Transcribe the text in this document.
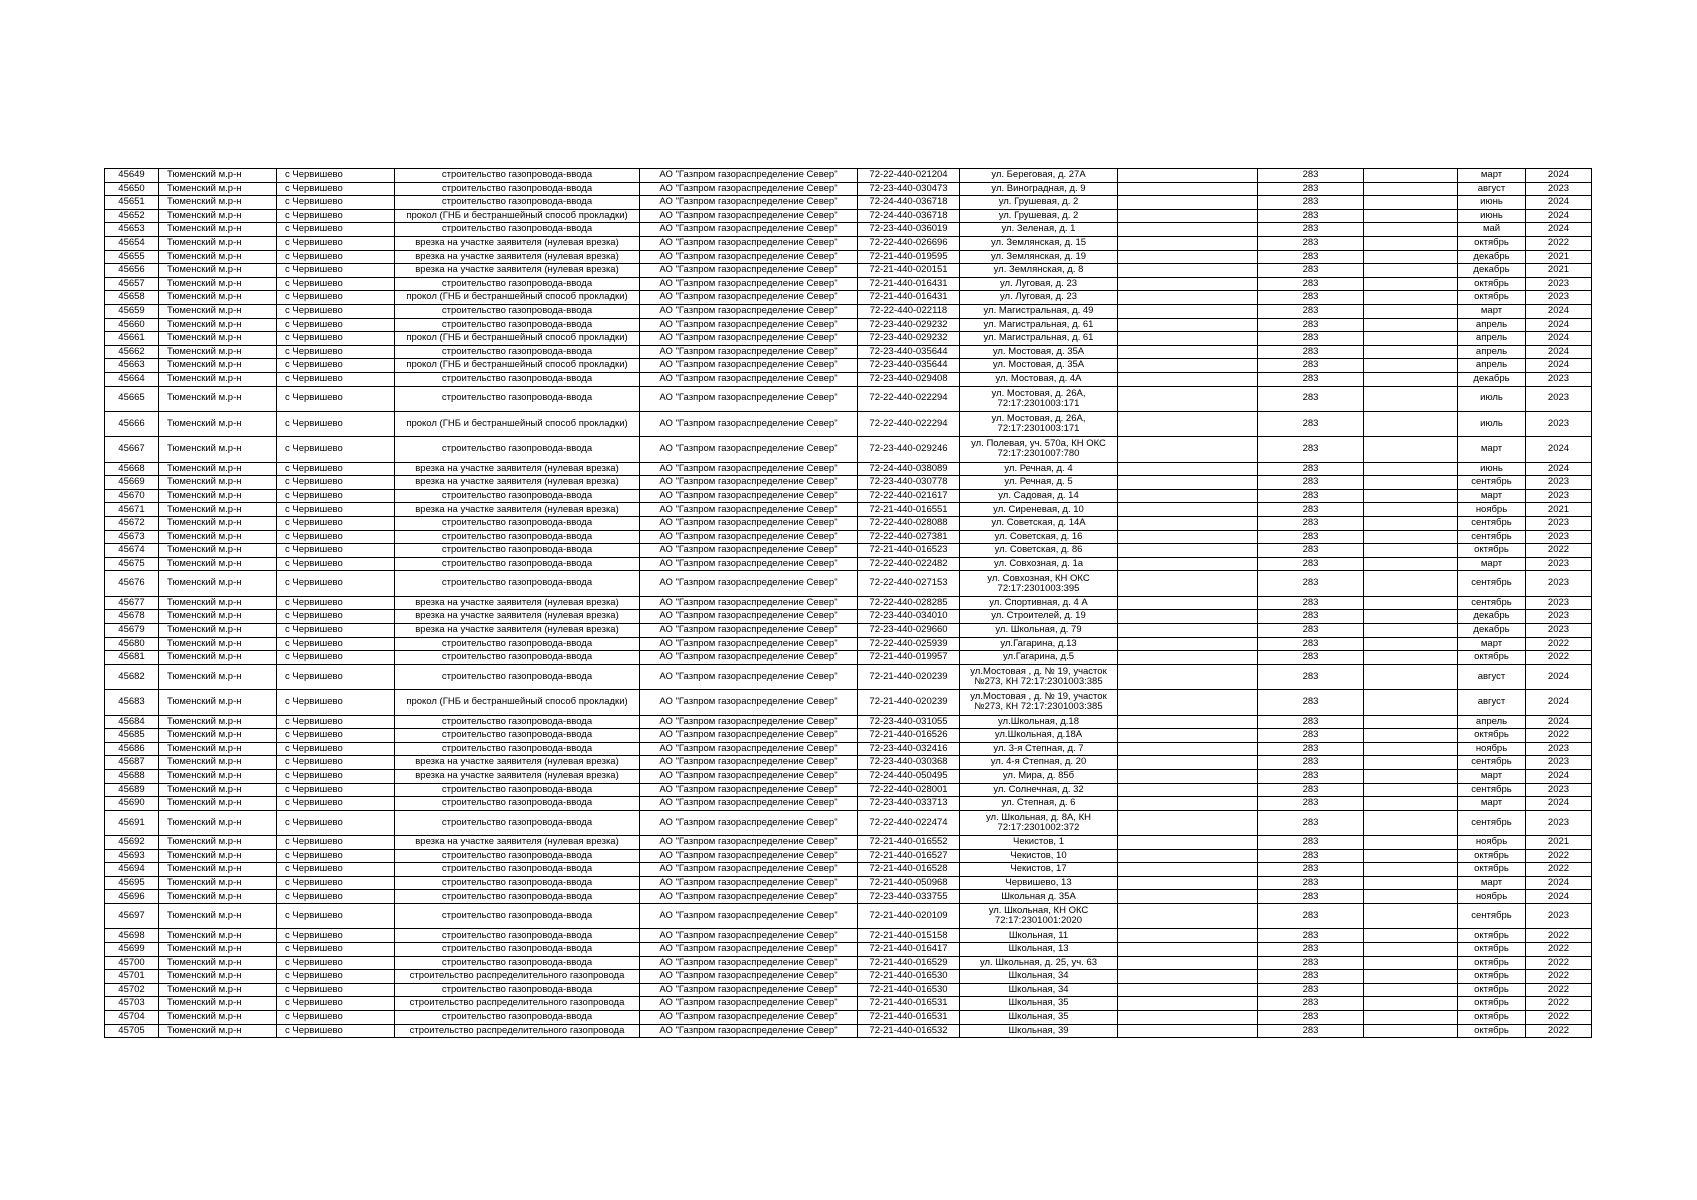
45649	Тюменский м.р-н	с Червишево	строительство газопровода-ввода	АО "Газпром газораспределение Север"	72-22-440-021204	ул. Береговая, д. 27А		283		март	2024
45650	Тюменский м.р-н	с Червишево	строительство газопровода-ввода	АО "Газпром газораспределение Север"	72-23-440-030473	ул. Виноградная, д. 9		283		август	2023
45651	Тюменский м.р-н	с Червишево	строительство газопровода-ввода	АО "Газпром газораспределение Север"	72-24-440-036718	ул. Грушевая, д. 2		283		июнь	2024
45652	Тюменский м.р-н	с Червишево	прокол (ГНБ и бестраншейный способ прокладки)	АО "Газпром газораспределение Север"	72-24-440-036718	ул. Грушевая, д. 2		283		июнь	2024
45653	Тюменский м.р-н	с Червишево	строительство газопровода-ввода	АО "Газпром газораспределение Север"	72-23-440-036019	ул. Зеленая, д. 1		283		май	2024
45654	Тюменский м.р-н	с Червишево	врезка на участке заявителя (нулевая врезка)	АО "Газпром газораспределение Север"	72-22-440-026696	ул. Землянская, д. 15		283		октябрь	2022
45655	Тюменский м.р-н	с Червишево	врезка на участке заявителя (нулевая врезка)	АО "Газпром газораспределение Север"	72-21-440-019595	ул. Землянская, д. 19		283		декабрь	2021
45656	Тюменский м.р-н	с Червишево	врезка на участке заявителя (нулевая врезка)	АО "Газпром газораспределение Север"	72-21-440-020151	ул. Землянская, д. 8		283		декабрь	2021
45657	Тюменский м.р-н	с Червишево	строительство газопровода-ввода	АО "Газпром газораспределение Север"	72-21-440-016431	ул. Луговая, д. 23		283		октябрь	2023
45658	Тюменский м.р-н	с Червишево	прокол (ГНБ и бестраншейный способ прокладки)	АО "Газпром газораспределение Север"	72-21-440-016431	ул. Луговая, д. 23		283		октябрь	2023
45659	Тюменский м.р-н	с Червишево	строительство газопровода-ввода	АО "Газпром газораспределение Север"	72-22-440-022118	ул. Магистральная, д. 49		283		март	2024
45660	Тюменский м.р-н	с Червишево	строительство газопровода-ввода	АО "Газпром газораспределение Север"	72-23-440-029232	ул. Магистральная, д. 61		283		апрель	2024
45661	Тюменский м.р-н	с Червишево	прокол (ГНБ и бестраншейный способ прокладки)	АО "Газпром газораспределение Север"	72-23-440-029232	ул. Магистральная, д. 61		283		апрель	2024
45662	Тюменский м.р-н	с Червишево	строительство газопровода-ввода	АО "Газпром газораспределение Север"	72-23-440-035644	ул. Мостовая, д. 35А		283		апрель	2024
45663	Тюменский м.р-н	с Червишево	прокол (ГНБ и бестраншейный способ прокладки)	АО "Газпром газораспределение Север"	72-23-440-035644	ул. Мостовая, д. 35А		283		апрель	2024
45664	Тюменский м.р-н	с Червишево	строительство газопровода-ввода	АО "Газпром газораспределение Север"	72-23-440-029408	ул. Мостовая, д. 4А		283		декабрь	2023
45665	Тюменский м.р-н	с Червишево	строительство газопровода-ввода	АО "Газпром газораспределение Север"	72-22-440-022294	ул. Мостовая, д. 26А, 72:17:2301003:171		283		июль	2023
45666	Тюменский м.р-н	с Червишево	прокол (ГНБ и бестраншейный способ прокладки)	АО "Газпром газораспределение Север"	72-22-440-022294	ул. Мостовая, д. 26А, 72:17:2301003:171		283		июль	2023
45667	Тюменский м.р-н	с Червишево	строительство газопровода-ввода	АО "Газпром газораспределение Север"	72-23-440-029246	ул. Полевая, уч. 570а, КН ОКС 72:17:2301007:780		283		март	2024
45668	Тюменский м.р-н	с Червишево	врезка на участке заявителя (нулевая врезка)	АО "Газпром газораспределение Север"	72-24-440-038089	ул. Речная, д. 4		283		июнь	2024
45669	Тюменский м.р-н	с Червишево	врезка на участке заявителя (нулевая врезка)	АО "Газпром газораспределение Север"	72-23-440-030778	ул. Речная, д. 5		283		сентябрь	2023
45670	Тюменский м.р-н	с Червишево	строительство газопровода-ввода	АО "Газпром газораспределение Север"	72-22-440-021617	ул. Садовая, д. 14		283		март	2023
45671	Тюменский м.р-н	с Червишево	врезка на участке заявителя (нулевая врезка)	АО "Газпром газораспределение Север"	72-21-440-016551	ул. Сиреневая, д. 10		283		ноябрь	2021
45672	Тюменский м.р-н	с Червишево	строительство газопровода-ввода	АО "Газпром газораспределение Север"	72-22-440-028088	ул. Советская, д. 14А		283		сентябрь	2023
45673	Тюменский м.р-н	с Червишево	строительство газопровода-ввода	АО "Газпром газораспределение Север"	72-22-440-027381	ул. Советская, д. 16		283		сентябрь	2023
45674	Тюменский м.р-н	с Червишево	строительство газопровода-ввода	АО "Газпром газораспределение Север"	72-21-440-016523	ул. Советская, д. 86		283		октябрь	2022
45675	Тюменский м.р-н	с Червишево	строительство газопровода-ввода	АО "Газпром газораспределение Север"	72-22-440-022482	ул. Совхозная, д. 1а		283		март	2023
45676	Тюменский м.р-н	с Червишево	строительство газопровода-ввода	АО "Газпром газораспределение Север"	72-22-440-027153	ул. Совхозная, КН ОКС 72:17:2301003:395		283		сентябрь	2023
45677	Тюменский м.р-н	с Червишево	врезка на участке заявителя (нулевая врезка)	АО "Газпром газораспределение Север"	72-22-440-028285	ул. Спортивная, д. 4 А		283		сентябрь	2023
45678	Тюменский м.р-н	с Червишево	врезка на участке заявителя (нулевая врезка)	АО "Газпром газораспределение Север"	72-23-440-034010	ул. Строителей, д. 19		283		декабрь	2023
45679	Тюменский м.р-н	с Червишево	врезка на участке заявителя (нулевая врезка)	АО "Газпром газораспределение Север"	72-23-440-029660	ул. Школьная, д. 79		283		декабрь	2023
45680	Тюменский м.р-н	с Червишево	строительство газопровода-ввода	АО "Газпром газораспределение Север"	72-22-440-025939	ул.Гагарина, д.13		283		март	2022
45681	Тюменский м.р-н	с Червишево	строительство газопровода-ввода	АО "Газпром газораспределение Север"	72-21-440-019957	ул.Гагарина, д.5		283		октябрь	2022
45682	Тюменский м.р-н	с Червишево	строительство газопровода-ввода	АО "Газпром газораспределение Север"	72-21-440-020239	ул.Мостовая , д. № 19, участок №273, КН 72:17:2301003:385		283		август	2024
45683	Тюменский м.р-н	с Червишево	прокол (ГНБ и бестраншейный способ прокладки)	АО "Газпром газораспределение Север"	72-21-440-020239	ул.Мостовая , д. № 19, участок №273, КН 72:17:2301003:385		283		август	2024
45684	Тюменский м.р-н	с Червишево	строительство газопровода-ввода	АО "Газпром газораспределение Север"	72-23-440-031055	ул.Школьная, д.18		283		апрель	2024
45685	Тюменский м.р-н	с Червишево	строительство газопровода-ввода	АО "Газпром газораспределение Север"	72-21-440-016526	ул.Школьная, д.18А		283		октябрь	2022
45686	Тюменский м.р-н	с Червишево	строительство газопровода-ввода	АО "Газпром газораспределение Север"	72-23-440-032416	ул. 3-я Степная, д. 7		283		ноябрь	2023
45687	Тюменский м.р-н	с Червишево	врезка на участке заявителя (нулевая врезка)	АО "Газпром газораспределение Север"	72-23-440-030368	ул. 4-я Степная, д. 20		283		сентябрь	2023
45688	Тюменский м.р-н	с Червишево	врезка на участке заявителя (нулевая врезка)	АО "Газпром газораспределение Север"	72-24-440-050495	ул. Мира, д. 85б		283		март	2024
45689	Тюменский м.р-н	с Червишево	строительство газопровода-ввода	АО "Газпром газораспределение Север"	72-22-440-028001	ул. Солнечная, д. 32		283		сентябрь	2023
45690	Тюменский м.р-н	с Червишево	строительство газопровода-ввода	АО "Газпром газораспределение Север"	72-23-440-033713	ул. Степная, д. 6		283		март	2024
45691	Тюменский м.р-н	с Червишево	строительство газопровода-ввода	АО "Газпром газораспределение Север"	72-22-440-022474	ул. Школьная, д. 8А, КН 72:17:2301002:372		283		сентябрь	2023
45692	Тюменский м.р-н	с Червишево	врезка на участке заявителя (нулевая врезка)	АО "Газпром газораспределение Север"	72-21-440-016552	Чекистов, 1		283		ноябрь	2021
45693	Тюменский м.р-н	с Червишево	строительство газопровода-ввода	АО "Газпром газораспределение Север"	72-21-440-016527	Чекистов, 10		283		октябрь	2022
45694	Тюменский м.р-н	с Червишево	строительство газопровода-ввода	АО "Газпром газораспределение Север"	72-21-440-016528	Чекистов, 17		283		октябрь	2022
45695	Тюменский м.р-н	с Червишево	строительство газопровода-ввода	АО "Газпром газораспределение Север"	72-21-440-050968	Червишево, 13		283		март	2024
45696	Тюменский м.р-н	с Червишево	строительство газопровода-ввода	АО "Газпром газораспределение Север"	72-23-440-033755	Школьная д. 35А		283		ноябрь	2024
45697	Тюменский м.р-н	с Червишево	строительство газопровода-ввода	АО "Газпром газораспределение Север"	72-21-440-020109	ул. Школьная, КН ОКС 72:17:2301001:2020		283		сентябрь	2023
45698	Тюменский м.р-н	с Червишево	строительство газопровода-ввода	АО "Газпром газораспределение Север"	72-21-440-015158	Школьная, 11		283		октябрь	2022
45699	Тюменский м.р-н	с Червишево	строительство газопровода-ввода	АО "Газпром газораспределение Север"	72-21-440-016417	Школьная, 13		283		октябрь	2022
45700	Тюменский м.р-н	с Червишево	строительство газопровода-ввода	АО "Газпром газораспределение Север"	72-21-440-016529	ул. Школьная, д. 25, уч. 63		283		октябрь	2022
45701	Тюменский м.р-н	с Червишево	строительство распределительного газопровода	АО "Газпром газораспределение Север"	72-21-440-016530	Школьная, 34		283		октябрь	2022
45702	Тюменский м.р-н	с Червишево	строительство газопровода-ввода	АО "Газпром газораспределение Север"	72-21-440-016530	Школьная, 34		283		октябрь	2022
45703	Тюменский м.р-н	с Червишево	строительство распределительного газопровода	АО "Газпром газораспределение Север"	72-21-440-016531	Школьная, 35		283		октябрь	2022
45704	Тюменский м.р-н	с Червишево	строительство газопровода-ввода	АО "Газпром газораспределение Север"	72-21-440-016531	Школьная, 35		283		октябрь	2022
45705	Тюменский м.р-н	с Червишево	строительство распределительного газопровода	АО "Газпром газораспределение Север"	72-21-440-016532	Школьная, 39		283		октябрь	2022
